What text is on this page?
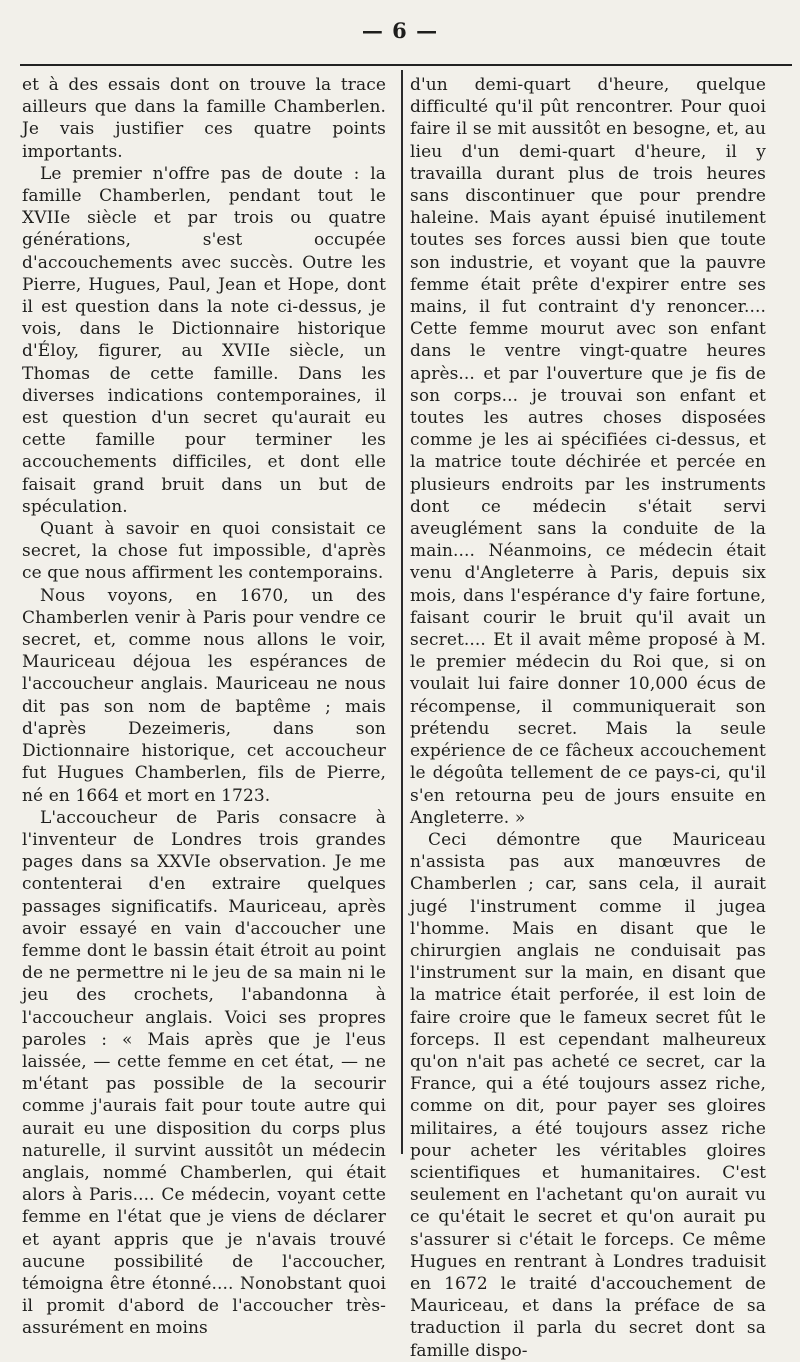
— 6 —

et à des essais dont on trouve la trace ailleurs que dans la famille Chamberlen. Je vais justifier ces quatre points importants.

Le premier n'offre pas de doute : la famille Chamberlen, pendant tout le XVIIe siècle et par trois ou quatre générations, s'est occupée d'accouchements avec succès. Outre les Pierre, Hugues, Paul, Jean et Hope, dont il est question dans la note ci-dessus, je vois, dans le Dictionnaire historique d'Éloy, figurer, au XVIIe siècle, un Thomas de cette famille. Dans les diverses indications contemporaines, il est question d'un secret qu'aurait eu cette famille pour terminer les accouchements difficiles, et dont elle faisait grand bruit dans un but de spéculation.

Quant à savoir en quoi consistait ce secret, la chose fut impossible, d'après ce que nous affirment les contemporains.

Nous voyons, en 1670, un des Chamberlen venir à Paris pour vendre ce secret, et, comme nous allons le voir, Mauriceau déjoua les espérances de l'accoucheur anglais. Mauriceau ne nous dit pas son nom de baptême ; mais d'après Dezeimeris, dans son Dictionnaire historique, cet accoucheur fut Hugues Chamberlen, fils de Pierre, né en 1664 et mort en 1723.

L'accoucheur de Paris consacre à l'inventeur de Londres trois grandes pages dans sa XXVIe observation. Je me contenterai d'en extraire quelques passages significatifs. Mauriceau, après avoir essayé en vain d'accoucher une femme dont le bassin était étroit au point de ne permettre ni le jeu de sa main ni le jeu des crochets, l'abandonna à l'accoucheur anglais. Voici ses propres paroles : « Mais après que je l'eus laissée, — cette femme en cet état, — ne m'étant pas possible de la secourir comme j'aurais fait pour toute autre qui aurait eu une disposition du corps plus naturelle, il survint aussitôt un médecin anglais, nommé Chamberlen, qui était alors à Paris.... Ce médecin, voyant cette femme en l'état que je viens de déclarer et ayant appris que je n'avais trouvé aucune possibilité de l'accoucher, témoigna être étonné.... Nonobstant quoi il promit d'abord de l'accoucher très-assurément en moins

d'un demi-quart d'heure, quelque difficulté qu'il pût rencontrer. Pour quoi faire il se mit aussitôt en besogne, et, au lieu d'un demi-quart d'heure, il y travailla durant plus de trois heures sans discontinuer que pour prendre haleine. Mais ayant épuisé inutilement toutes ses forces aussi bien que toute son industrie, et voyant que la pauvre femme était prête d'expirer entre ses mains, il fut contraint d'y renoncer.... Cette femme mourut avec son enfant dans le ventre vingt-quatre heures après... et par l'ouverture que je fis de son corps... je trouvai son enfant et toutes les autres choses disposées comme je les ai spécifiées ci-dessus, et la matrice toute déchirée et percée en plusieurs endroits par les instruments dont ce médecin s'était servi aveuglément sans la conduite de la main.... Néanmoins, ce médecin était venu d'Angleterre à Paris, depuis six mois, dans l'espérance d'y faire fortune, faisant courir le bruit qu'il avait un secret.... Et il avait même proposé à M. le premier médecin du Roi que, si on voulait lui faire donner 10,000 écus de récompense, il communiquerait son prétendu secret. Mais la seule expérience de ce fâcheux accouchement le dégoûta tellement de ce pays-ci, qu'il s'en retourna peu de jours ensuite en Angleterre. »

Ceci démontre que Mauriceau n'assista pas aux manœuvres de Chamberlen ; car, sans cela, il aurait jugé l'instrument comme il jugea l'homme. Mais en disant que le chirurgien anglais ne conduisait pas l'instrument sur la main, en disant que la matrice était perforée, il est loin de faire croire que le fameux secret fût le forceps. Il est cependant malheureux qu'on n'ait pas acheté ce secret, car la France, qui a été toujours assez riche, comme on dit, pour payer ses gloires militaires, a été toujours assez riche pour acheter les véritables gloires scientifiques et humanitaires. C'est seulement en l'achetant qu'on aurait vu ce qu'était le secret et qu'on aurait pu s'assurer si c'était le forceps. Ce même Hugues en rentrant à Londres traduisit en 1672 le traité d'accouchement de Mauriceau, et dans la préface de sa traduction il parla du secret dont sa famille dispo-
